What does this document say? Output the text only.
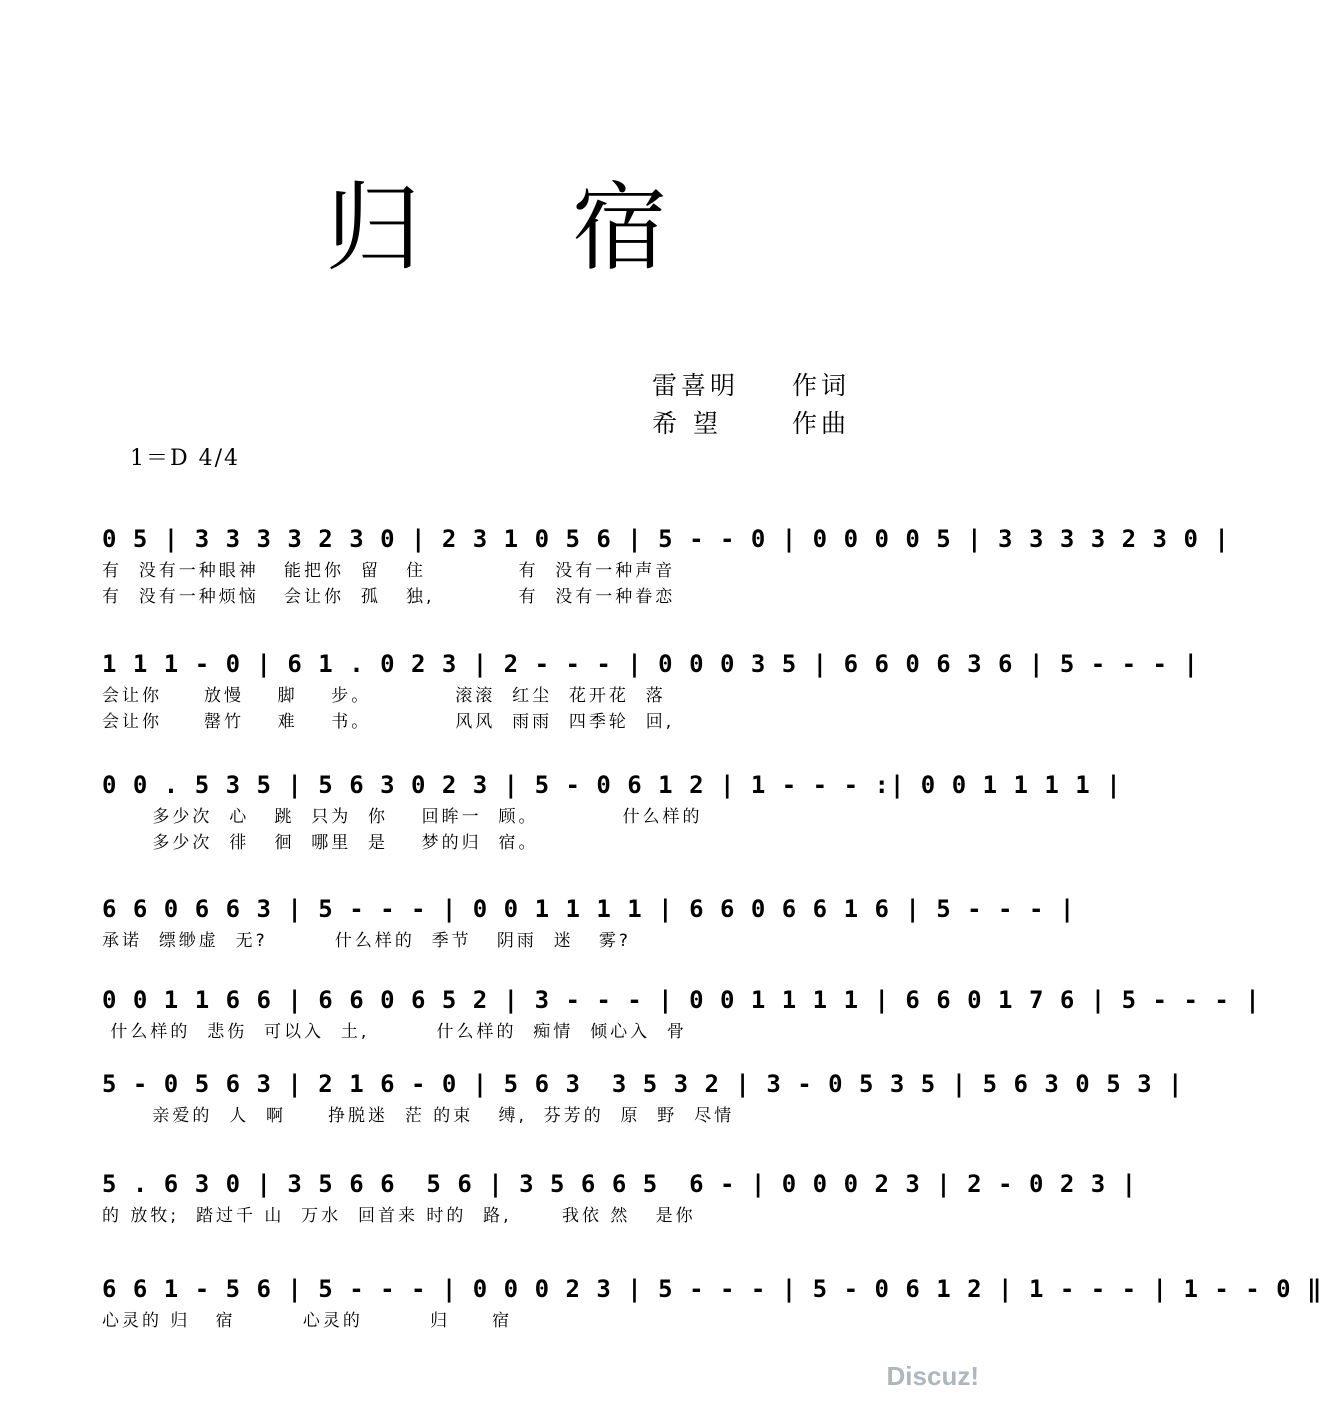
归 宿
雷喜明 作词
希 望	作曲
1＝D 4/4
0 5 | 3 3 3 3 2 3 0 | 2 3 1 0 5 6 | 5 - - 0 | 0 0 0 0 5 | 3 3 3 3 2 3 0 |
有  没有一种眼神   能把你  留   住           有  没有一种声音
有  没有一种烦恼   会让你  孤   独,          有  没有一种眷恋
1 1 1 - 0 | 6 1 . 0 2 3 | 2 - - - | 0 0 0 3 5 | 6 6 0 6 3 6 | 5 - - - |
会让你     放慢    脚    步。          滚滚  红尘  花开花  落
会让你     罄竹    难    书。          风风  雨雨  四季轮  回,
0 0 . 5 3 5 | 5 6 3 0 2 3 | 5 - 0 6 1 2 | 1 - - - :| 0 0 1 1 1 1 |
多少次  心   跳  只为  你    回眸一  顾。          什么样的
多少次  徘   徊  哪里  是    梦的归  宿。
6 6 0 6 6 3 | 5 - - - | 0 0 1 1 1 1 | 6 6 0 6 6 1 6 | 5 - - - |
承诺  缥缈虚  无?        什么样的  季节   阴雨  迷   雾?
0 0 1 1 6 6 | 6 6 0 6 5 2 | 3 - - - | 0 0 1 1 1 1 | 6 6 0 1 7 6 | 5 - - - |
什么样的  悲伤  可以入  土,        什么样的  痴情  倾心入  骨
5 - 0 5 6 3 | 2 1 6 - 0 | 5 6 3  3 5 3 2 | 3 - 0 5 3 5 | 5 6 3 0 5 3 |
亲爱的  人  啊     挣脱迷  茫 的束   缚,  芬芳的  原  野  尽情
5 . 6 3 0 | 3 5 6 6  5 6 | 3 5 6 6 5  6 - | 0 0 0 2 3 | 2 - 0 2 3 |
的 放牧;  踏过千 山  万水  回首来 时的  路,      我依 然   是你
6 6 1 - 5 6 | 5 - - - | 0 0 0 2 3 | 5 - - - | 5 - 0 6 1 2 | 1 - - - | 1 - - 0 ‖
心灵的 归   宿        心灵的        归     宿
Discuz!
